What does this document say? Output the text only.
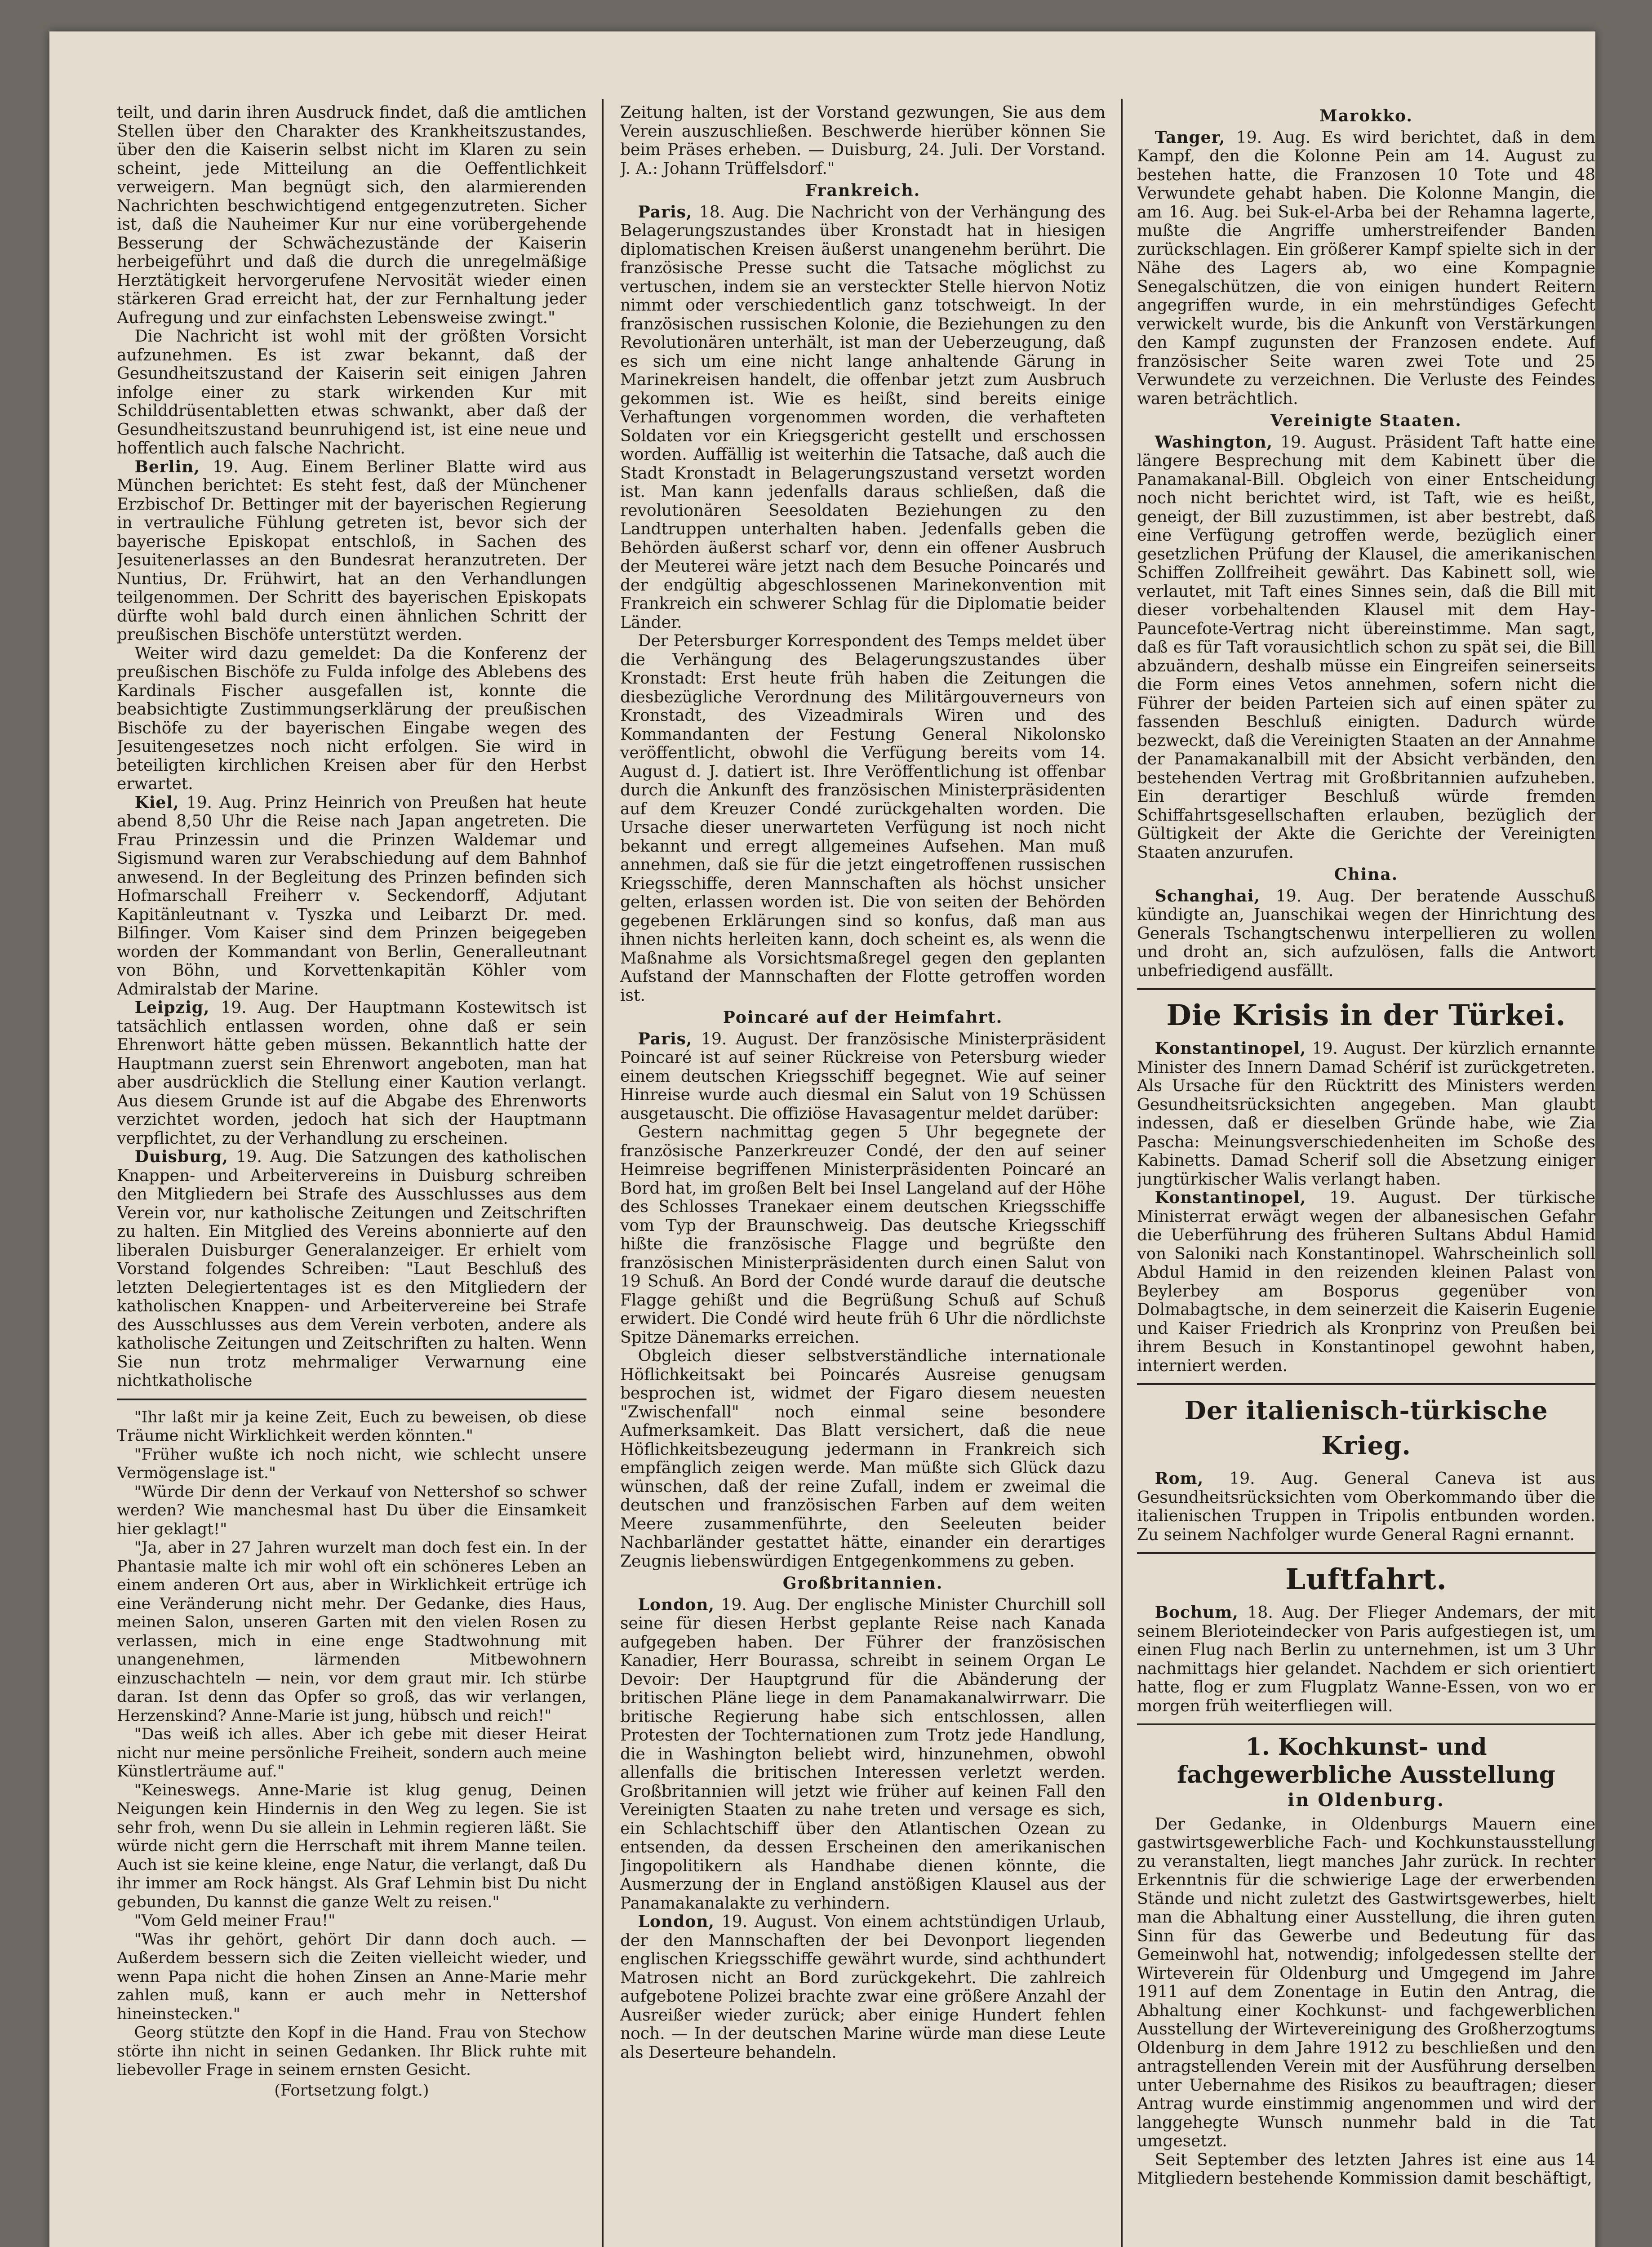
teilt, und darin ihren Ausdruck findet, daß die amtlichen Stellen über den Charakter des Krankheitszustandes, über den die Kaiserin selbst nicht im Klaren zu sein scheint, jede Mitteilung an die Oeffentlichkeit verweigern. Man begnügt sich, den alarmierenden Nachrichten beschwichtigend entgegenzutreten. Sicher ist, daß die Nauheimer Kur nur eine vorübergehende Besserung der Schwächezustände der Kaiserin herbeigeführt und daß die durch die unregelmäßige Herztätigkeit hervorgerufene Nervosität wieder einen stärkeren Grad erreicht hat, der zur Fernhaltung jeder Aufregung und zur einfachsten Lebensweise zwingt."

Die Nachricht ist wohl mit der größten Vorsicht aufzunehmen. Es ist zwar bekannt, daß der Gesundheitszustand der Kaiserin seit einigen Jahren infolge einer zu stark wirkenden Kur mit Schilddrüsentabletten etwas schwankt, aber daß der Gesundheitszustand beunruhigend ist, ist eine neue und hoffentlich auch falsche Nachricht.

Berlin, 19. Aug. Einem Berliner Blatte wird aus München berichtet: Es steht fest, daß der Münchener Erzbischof Dr. Bettinger mit der bayerischen Regierung in vertrauliche Fühlung getreten ist, bevor sich der bayerische Episkopat entschloß, in Sachen des Jesuitenerlasses an den Bundesrat heranzutreten. Der Nuntius, Dr. Frühwirt, hat an den Verhandlungen teilgenommen. Der Schritt des bayerischen Episkopats dürfte wohl bald durch einen ähnlichen Schritt der preußischen Bischöfe unterstützt werden.

Weiter wird dazu gemeldet: Da die Konferenz der preußischen Bischöfe zu Fulda infolge des Ablebens des Kardinals Fischer ausgefallen ist, konnte die beabsichtigte Zustimmungserklärung der preußischen Bischöfe zu der bayerischen Eingabe wegen des Jesuitengesetzes noch nicht erfolgen. Sie wird in beteiligten kirchlichen Kreisen aber für den Herbst erwartet.

Kiel, 19. Aug. Prinz Heinrich von Preußen hat heute abend 8,50 Uhr die Reise nach Japan angetreten. Die Frau Prinzessin und die Prinzen Waldemar und Sigismund waren zur Verabschiedung auf dem Bahnhof anwesend. In der Begleitung des Prinzen befinden sich Hofmarschall Freiherr v. Seckendorff, Adjutant Kapitänleutnant v. Tyszka und Leibarzt Dr. med. Bilfinger. Vom Kaiser sind dem Prinzen beigegeben worden der Kommandant von Berlin, Generalleutnant von Böhn, und Korvettenkapitän Köhler vom Admiralstab der Marine.

Leipzig, 19. Aug. Der Hauptmann Kostewitsch ist tatsächlich entlassen worden, ohne daß er sein Ehrenwort hätte geben müssen. Bekanntlich hatte der Hauptmann zuerst sein Ehrenwort angeboten, man hat aber ausdrücklich die Stellung einer Kaution verlangt. Aus diesem Grunde ist auf die Abgabe des Ehrenworts verzichtet worden, jedoch hat sich der Hauptmann verpflichtet, zu der Verhandlung zu erscheinen.

Duisburg, 19. Aug. Die Satzungen des katholischen Knappen- und Arbeitervereins in Duisburg schreiben den Mitgliedern bei Strafe des Ausschlusses aus dem Verein vor, nur katholische Zeitungen und Zeitschriften zu halten. Ein Mitglied des Vereins abonnierte auf den liberalen Duisburger Generalanzeiger. Er erhielt vom Vorstand folgendes Schreiben: "Laut Beschluß des letzten Delegiertentages ist es den Mitgliedern der katholischen Knappen- und Arbeitervereine bei Strafe des Ausschlusses aus dem Verein verboten, andere als katholische Zeitungen und Zeitschriften zu halten. Wenn Sie nun trotz mehrmaliger Verwarnung eine nichtkatholische

"Ihr laßt mir ja keine Zeit, Euch zu beweisen, ob diese Träume nicht Wirklichkeit werden könnten."

"Früher wußte ich noch nicht, wie schlecht unsere Vermögenslage ist."

"Würde Dir denn der Verkauf von Nettershof so schwer werden? Wie manchesmal hast Du über die Einsamkeit hier geklagt!"

"Ja, aber in 27 Jahren wurzelt man doch fest ein. In der Phantasie malte ich mir wohl oft ein schöneres Leben an einem anderen Ort aus, aber in Wirklichkeit ertrüge ich eine Veränderung nicht mehr. Der Gedanke, dies Haus, meinen Salon, unseren Garten mit den vielen Rosen zu verlassen, mich in eine enge Stadtwohnung mit unangenehmen, lärmenden Mitbewohnern einzuschachteln — nein, vor dem graut mir. Ich stürbe daran. Ist denn das Opfer so groß, das wir verlangen, Herzenskind? Anne-Marie ist jung, hübsch und reich!"

"Das weiß ich alles. Aber ich gebe mit dieser Heirat nicht nur meine persönliche Freiheit, sondern auch meine Künstlerträume auf."

"Keineswegs. Anne-Marie ist klug genug, Deinen Neigungen kein Hindernis in den Weg zu legen. Sie ist sehr froh, wenn Du sie allein in Lehmin regieren läßt. Sie würde nicht gern die Herrschaft mit ihrem Manne teilen. Auch ist sie keine kleine, enge Natur, die verlangt, daß Du ihr immer am Rock hängst. Als Graf Lehmin bist Du nicht gebunden, Du kannst die ganze Welt zu reisen."

"Vom Geld meiner Frau!"

"Was ihr gehört, gehört Dir dann doch auch. — Außerdem bessern sich die Zeiten vielleicht wieder, und wenn Papa nicht die hohen Zinsen an Anne-Marie mehr zahlen muß, kann er auch mehr in Nettershof hineinstecken."

Georg stützte den Kopf in die Hand. Frau von Stechow störte ihn nicht in seinen Gedanken. Ihr Blick ruhte mit liebevoller Frage in seinem ernsten Gesicht.

(Fortsetzung folgt.)

Zeitung halten, ist der Vorstand gezwungen, Sie aus dem Verein auszuschließen. Beschwerde hierüber können Sie beim Präses erheben. — Duisburg, 24. Juli. Der Vorstand. J. A.: Johann Trüffelsdorf."

Frankreich.

Paris, 18. Aug. Die Nachricht von der Verhängung des Belagerungszustandes über Kronstadt hat in hiesigen diplomatischen Kreisen äußerst unangenehm berührt. Die französische Presse sucht die Tatsache möglichst zu vertuschen, indem sie an versteckter Stelle hiervon Notiz nimmt oder verschiedentlich ganz totschweigt. In der französischen russischen Kolonie, die Beziehungen zu den Revolutionären unterhält, ist man der Ueberzeugung, daß es sich um eine nicht lange anhaltende Gärung in Marinekreisen handelt, die offenbar jetzt zum Ausbruch gekommen ist. Wie es heißt, sind bereits einige Verhaftungen vorgenommen worden, die verhafteten Soldaten vor ein Kriegsgericht gestellt und erschossen worden. Auffällig ist weiterhin die Tatsache, daß auch die Stadt Kronstadt in Belagerungszustand versetzt worden ist. Man kann jedenfalls daraus schließen, daß die revolutionären Seesoldaten Beziehungen zu den Landtruppen unterhalten haben. Jedenfalls geben die Behörden äußerst scharf vor, denn ein offener Ausbruch der Meuterei wäre jetzt nach dem Besuche Poincarés und der endgültig abgeschlossenen Marinekonvention mit Frankreich ein schwerer Schlag für die Diplomatie beider Länder.

Der Petersburger Korrespondent des Temps meldet über die Verhängung des Belagerungszustandes über Kronstadt: Erst heute früh haben die Zeitungen die diesbezügliche Verordnung des Militärgouverneurs von Kronstadt, des Vizeadmirals Wiren und des Kommandanten der Festung General Nikolonsko veröffentlicht, obwohl die Verfügung bereits vom 14. August d. J. datiert ist. Ihre Veröffentlichung ist offenbar durch die Ankunft des französischen Ministerpräsidenten auf dem Kreuzer Condé zurückgehalten worden. Die Ursache dieser unerwarteten Verfügung ist noch nicht bekannt und erregt allgemeines Aufsehen. Man muß annehmen, daß sie für die jetzt eingetroffenen russischen Kriegsschiffe, deren Mannschaften als höchst unsicher gelten, erlassen worden ist. Die von seiten der Behörden gegebenen Erklärungen sind so konfus, daß man aus ihnen nichts herleiten kann, doch scheint es, als wenn die Maßnahme als Vorsichtsmaßregel gegen den geplanten Aufstand der Mannschaften der Flotte getroffen worden ist.

Poincaré auf der Heimfahrt.

Paris, 19. August. Der französische Ministerpräsident Poincaré ist auf seiner Rückreise von Petersburg wieder einem deutschen Kriegsschiff begegnet. Wie auf seiner Hinreise wurde auch diesmal ein Salut von 19 Schüssen ausgetauscht. Die offiziöse Havasagentur meldet darüber:

Gestern nachmittag gegen 5 Uhr begegnete der französische Panzerkreuzer Condé, der den auf seiner Heimreise begriffenen Ministerpräsidenten Poincaré an Bord hat, im großen Belt bei Insel Langeland auf der Höhe des Schlosses Tranekaer einem deutschen Kriegsschiffe vom Typ der Braunschweig. Das deutsche Kriegsschiff hißte die französische Flagge und begrüßte den französischen Ministerpräsidenten durch einen Salut von 19 Schuß. An Bord der Condé wurde darauf die deutsche Flagge gehißt und die Begrüßung Schuß auf Schuß erwidert. Die Condé wird heute früh 6 Uhr die nördlichste Spitze Dänemarks erreichen.

Obgleich dieser selbstverständliche internationale Höflichkeitsakt bei Poincarés Ausreise genugsam besprochen ist, widmet der Figaro diesem neuesten "Zwischenfall" noch einmal seine besondere Aufmerksamkeit. Das Blatt versichert, daß die neue Höflichkeitsbezeugung jedermann in Frankreich sich empfänglich zeigen werde. Man müßte sich Glück dazu wünschen, daß der reine Zufall, indem er zweimal die deutschen und französischen Farben auf dem weiten Meere zusammenführte, den Seeleuten beider Nachbarländer gestattet hätte, einander ein derartiges Zeugnis liebenswürdigen Entgegenkommens zu geben.

Großbritannien.

London, 19. Aug. Der englische Minister Churchill soll seine für diesen Herbst geplante Reise nach Kanada aufgegeben haben. Der Führer der französischen Kanadier, Herr Bourassa, schreibt in seinem Organ Le Devoir: Der Hauptgrund für die Abänderung der britischen Pläne liege in dem Panamakanalwirrwarr. Die britische Regierung habe sich entschlossen, allen Protesten der Tochternationen zum Trotz jede Handlung, die in Washington beliebt wird, hinzunehmen, obwohl allenfalls die britischen Interessen verletzt werden. Großbritannien will jetzt wie früher auf keinen Fall den Vereinigten Staaten zu nahe treten und versage es sich, ein Schlachtschiff über den Atlantischen Ozean zu entsenden, da dessen Erscheinen den amerikanischen Jingopolitikern als Handhabe dienen könnte, die Ausmerzung der in England anstößigen Klausel aus der Panamakanalakte zu verhindern.

London, 19. August. Von einem achtstündigen Urlaub, der den Mannschaften der bei Devonport liegenden englischen Kriegsschiffe gewährt wurde, sind achthundert Matrosen nicht an Bord zurückgekehrt. Die zahlreich aufgebotene Polizei brachte zwar eine größere Anzahl der Ausreißer wieder zurück; aber einige Hundert fehlen noch. — In der deutschen Marine würde man diese Leute als Deserteure behandeln.

Marokko.

Tanger, 19. Aug. Es wird berichtet, daß in dem Kampf, den die Kolonne Pein am 14. August zu bestehen hatte, die Franzosen 10 Tote und 48 Verwundete gehabt haben. Die Kolonne Mangin, die am 16. Aug. bei Suk-el-Arba bei der Rehamna lagerte, mußte die Angriffe umherstreifender Banden zurückschlagen. Ein größerer Kampf spielte sich in der Nähe des Lagers ab, wo eine Kompagnie Senegalschützen, die von einigen hundert Reitern angegriffen wurde, in ein mehrstündiges Gefecht verwickelt wurde, bis die Ankunft von Verstärkungen den Kampf zugunsten der Franzosen endete. Auf französischer Seite waren zwei Tote und 25 Verwundete zu verzeichnen. Die Verluste des Feindes waren beträchtlich.

Vereinigte Staaten.

Washington, 19. August. Präsident Taft hatte eine längere Besprechung mit dem Kabinett über die Panamakanal-Bill. Obgleich von einer Entscheidung noch nicht berichtet wird, ist Taft, wie es heißt, geneigt, der Bill zuzustimmen, ist aber bestrebt, daß eine Verfügung getroffen werde, bezüglich einer gesetzlichen Prüfung der Klausel, die amerikanischen Schiffen Zollfreiheit gewährt. Das Kabinett soll, wie verlautet, mit Taft eines Sinnes sein, daß die Bill mit dieser vorbehaltenden Klausel mit dem Hay-Pauncefote-Vertrag nicht übereinstimme. Man sagt, daß es für Taft vorausichtlich schon zu spät sei, die Bill abzuändern, deshalb müsse ein Eingreifen seinerseits die Form eines Vetos annehmen, sofern nicht die Führer der beiden Parteien sich auf einen später zu fassenden Beschluß einigten. Dadurch würde bezweckt, daß die Vereinigten Staaten an der Annahme der Panamakanalbill mit der Absicht verbänden, den bestehenden Vertrag mit Großbritannien aufzuheben. Ein derartiger Beschluß würde fremden Schiffahrtsgesellschaften erlauben, bezüglich der Gültigkeit der Akte die Gerichte der Vereinigten Staaten anzurufen.

China.

Schanghai, 19. Aug. Der beratende Ausschuß kündigte an, Juanschikai wegen der Hinrichtung des Generals Tschangtschenwu interpellieren zu wollen und droht an, sich aufzulösen, falls die Antwort unbefriedigend ausfällt.

Die Krisis in der Türkei.

Konstantinopel, 19. August. Der kürzlich ernannte Minister des Innern Damad Schérif ist zurückgetreten. Als Ursache für den Rücktritt des Ministers werden Gesundheitsrücksichten angegeben. Man glaubt indessen, daß er dieselben Gründe habe, wie Zia Pascha: Meinungsverschiedenheiten im Schoße des Kabinetts. Damad Scherif soll die Absetzung einiger jungtürkischer Walis verlangt haben.

Konstantinopel, 19. August. Der türkische Ministerrat erwägt wegen der albanesischen Gefahr die Ueberführung des früheren Sultans Abdul Hamid von Saloniki nach Konstantinopel. Wahrscheinlich soll Abdul Hamid in den reizenden kleinen Palast von Beylerbey am Bosporus gegenüber von Dolmabagtsche, in dem seinerzeit die Kaiserin Eugenie und Kaiser Friedrich als Kronprinz von Preußen bei ihrem Besuch in Konstantinopel gewohnt haben, interniert werden.

Der italienisch-türkische Krieg.

Rom, 19. Aug. General Caneva ist aus Gesundheitsrücksichten vom Oberkommando über die italienischen Truppen in Tripolis entbunden worden. Zu seinem Nachfolger wurde General Ragni ernannt.

Luftfahrt.

Bochum, 18. Aug. Der Flieger Andemars, der mit seinem Blerioteindecker von Paris aufgestiegen ist, um einen Flug nach Berlin zu unternehmen, ist um 3 Uhr nachmittags hier gelandet. Nachdem er sich orientiert hatte, flog er zum Flugplatz Wanne-Essen, von wo er morgen früh weiterfliegen will.

1. Kochkunst- und fachgewerbliche Ausstellung
in Oldenburg.

Der Gedanke, in Oldenburgs Mauern eine gastwirtsgewerbliche Fach- und Kochkunstausstellung zu veranstalten, liegt manches Jahr zurück. In rechter Erkenntnis für die schwierige Lage der erwerbenden Stände und nicht zuletzt des Gastwirtsgewerbes, hielt man die Abhaltung einer Ausstellung, die ihren guten Sinn für das Gewerbe und Bedeutung für das Gemeinwohl hat, notwendig; infolgedessen stellte der Wirteverein für Oldenburg und Umgegend im Jahre 1911 auf dem Zonentage in Eutin den Antrag, die Abhaltung einer Kochkunst- und fachgewerblichen Ausstellung der Wirtevereinigung des Großherzogtums Oldenburg in dem Jahre 1912 zu beschließen und den antragstellenden Verein mit der Ausführung derselben unter Uebernahme des Risikos zu beauftragen; dieser Antrag wurde einstimmig angenommen und wird der langgehegte Wunsch nunmehr bald in die Tat umgesetzt.

Seit September des letzten Jahres ist eine aus 14 Mitgliedern bestehende Kommission damit beschäftigt,
